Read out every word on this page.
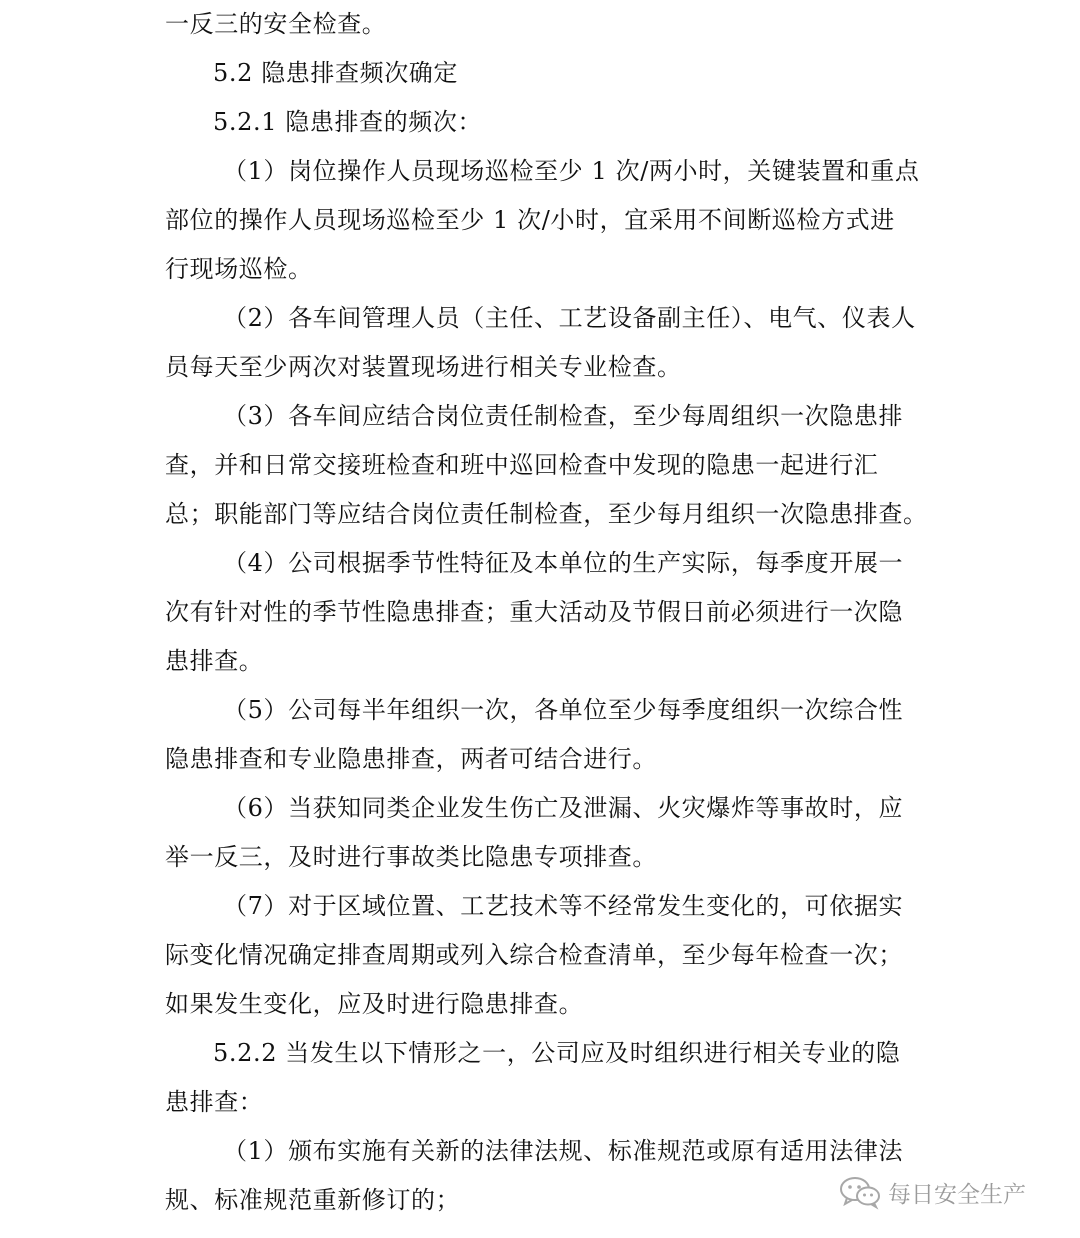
一反三的安全检查。
5.2 隐患排查频次确定
5.2.1 隐患排查的频次：
（1）岗位操作人员现场巡检至少 1 次/两小时，关键装置和重点
部位的操作人员现场巡检至少 1 次/小时，宜采用不间断巡检方式进
行现场巡检。
（2）各车间管理人员（主任、工艺设备副主任）、电气、仪表人
员每天至少两次对装置现场进行相关专业检查。
（3）各车间应结合岗位责任制检查，至少每周组织一次隐患排
查，并和日常交接班检查和班中巡回检查中发现的隐患一起进行汇
总；职能部门等应结合岗位责任制检查，至少每月组织一次隐患排查。
（4）公司根据季节性特征及本单位的生产实际，每季度开展一
次有针对性的季节性隐患排查；重大活动及节假日前必须进行一次隐
患排查。
（5）公司每半年组织一次，各单位至少每季度组织一次综合性
隐患排查和专业隐患排查，两者可结合进行。
（6）当获知同类企业发生伤亡及泄漏、火灾爆炸等事故时，应
举一反三，及时进行事故类比隐患专项排查。
（7）对于区域位置、工艺技术等不经常发生变化的，可依据实
际变化情况确定排查周期或列入综合检查清单，至少每年检查一次；
如果发生变化，应及时进行隐患排查。
5.2.2 当发生以下情形之一，公司应及时组织进行相关专业的隐
患排查：
（1）颁布实施有关新的法律法规、标准规范或原有适用法律法
规、标准规范重新修订的；	每日安全生产
